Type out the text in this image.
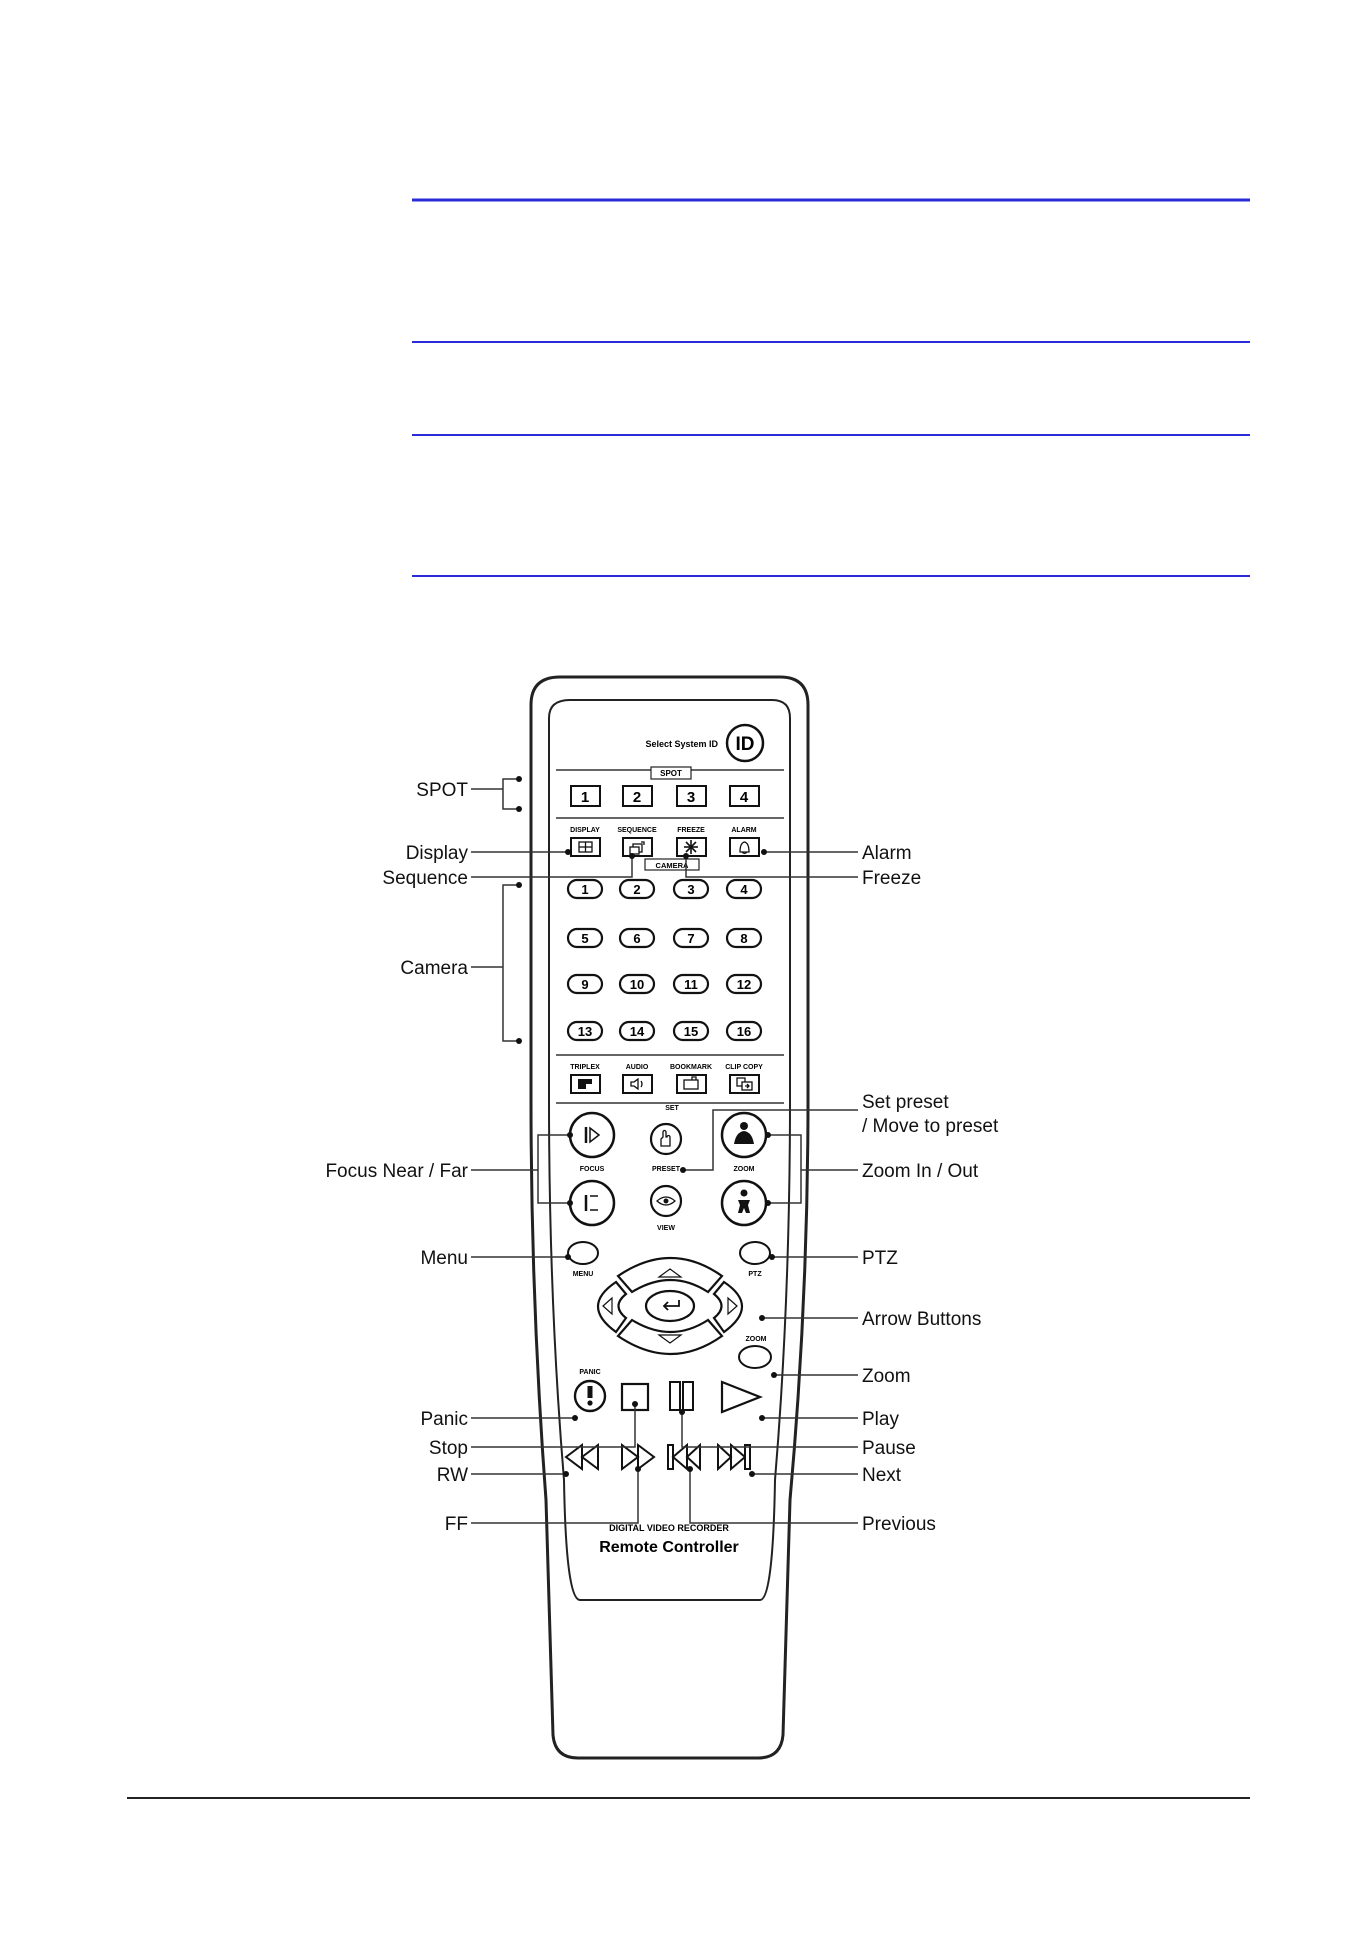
Select System ID ID
SPOT
1	2	3	4
DISPLAY	SEQUENCE	FREEZE	ALARM
CAMERA
1	2	3	4
5	6	7	8
9	10	11	12
13	14	15	16
TRIPLEX	AUDIO	BOOKMARK CLIP COPY
SET
FOCUS	PRESET	ZOOM
VIEW
MENU	PTZ
ZOOM
PANIC
DIGITAL VIDEO RECORDER
Remote Controller
SPOT
Display
Sequence
Camera
Focus Near / Far
Menu
Panic
Stop
RW
FF
Alarm
Freeze
Set preset
/ Move to preset
Zoom In / Out
PTZ
Arrow Buttons
Zoom
Play
Pause
Next
Previous
